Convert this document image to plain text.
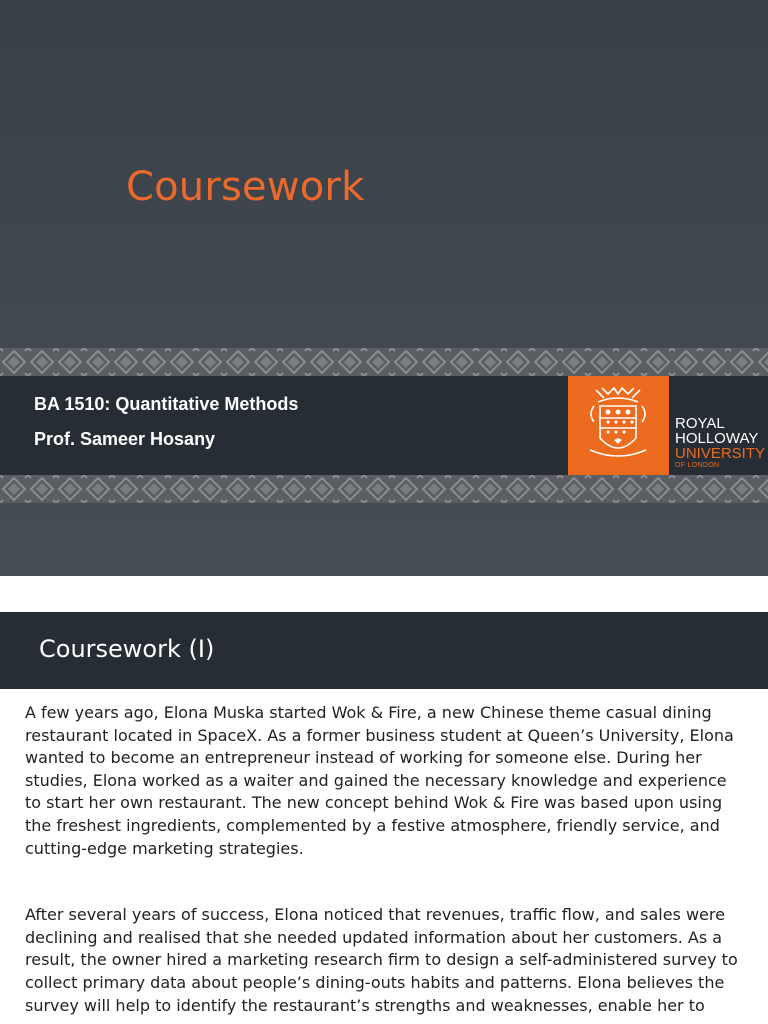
Coursework
BA 1510: Quantitative Methods
Prof. Sameer Hosany
ROYAL
HOLLOWAY
UNIVERSITY
OF LONDON
Coursework (I)

A few years ago, Elona Muska started Wok & Fire, a new Chinese theme casual dining restaurant located in SpaceX. As a former business student at Queen’s University, Elona wanted to become an entrepreneur instead of working for someone else. During her studies, Elona worked as a waiter and gained the necessary knowledge and experience to start her own restaurant. The new concept behind Wok & Fire was based upon using the freshest ingredients, complemented by a festive atmosphere, friendly service, and cutting-edge marketing strategies.

After several years of success, Elona noticed that revenues, traffic flow, and sales were declining and realised that she needed updated information about her customers. As a result, the owner hired a marketing research firm to design a self-administered survey to collect primary data about people’s dining-outs habits and patterns. Elona believes the survey will help to identify the restaurant’s strengths and weaknesses, enable her to
